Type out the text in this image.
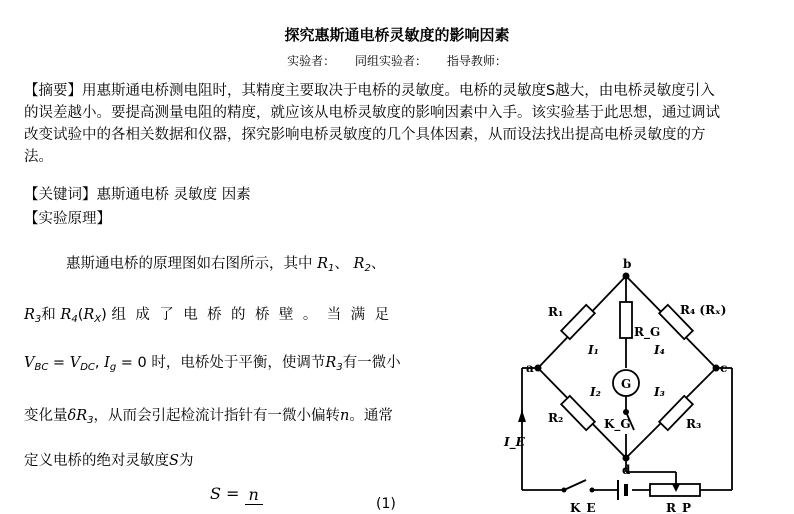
探究惠斯通电桥灵敏度的影响因素
实验者： 同组实验者： 指导教师：
【摘要】用惠斯通电桥测电阻时，其精度主要取决于电桥的灵敏度。电桥的灵敏度S越大，由电桥灵敏度引入的误差越小。要提高测量电阻的精度，就应该从电桥灵敏度的影响因素中入手。该实验基于此思想，通过调试改变试验中的各相关数据和仪器，探究影响电桥灵敏度的几个具体因素，从而设法找出提高电桥灵敏度的方法。
【关键词】惠斯通电桥 灵敏度 因素
【实验原理】
惠斯通电桥的原理图如右图所示，其中 $R_1$、 $R_2$、
$R_3$和 $R_4(R_X)$ 组成了电桥的桥壁。当满足
$V_{BC} = V_{DC}$, $I_g = 0$ 时，电桥处于平衡，使调节$R_3$有一微小
变化量$\delta R_3$，从而会引起检流计指针有一微小偏转n。通常
定义电桥的绝对灵敏度S为
S = n
(1)
b
a	c
d
R₁	R₄ (Rₓ)
R₂	R₃
R_G
G
I₁	I₄
I₂	I₃
K_G
I_E
K_E	R_P
